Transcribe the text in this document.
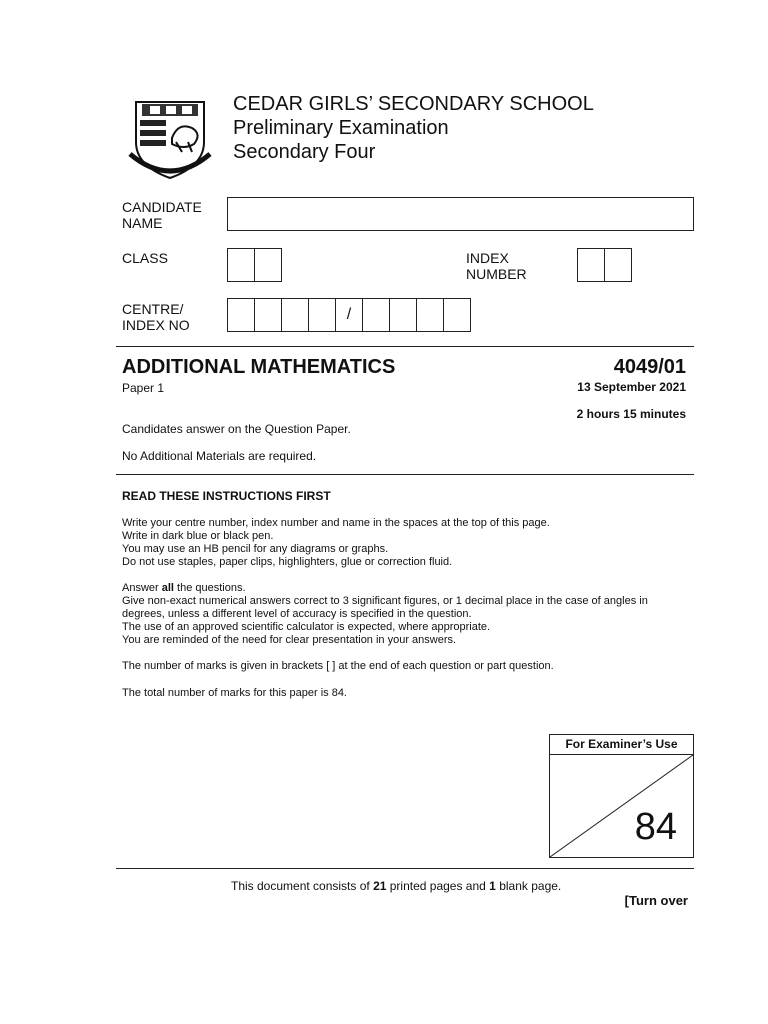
CEDAR GIRLS’ SECONDARY SCHOOL
Preliminary Examination
Secondary Four
CANDIDATE
NAME
CLASS	INDEX
NUMBER
CENTRE/
INDEX NO
/
ADDITIONAL MATHEMATICS	4049/01
Paper 1	13 September 2021
2 hours 15 minutes
Candidates answer on the Question Paper.
No Additional Materials are required.
READ THESE INSTRUCTIONS FIRST
Write your centre number, index number and name in the spaces at the top of this page.
Write in dark blue or black pen.
You may use an HB pencil for any diagrams or graphs.
Do not use staples, paper clips, highlighters, glue or correction fluid.
Answer all the questions.
Give non-exact numerical answers correct to 3 significant figures, or 1 decimal place in the case of angles in
degrees, unless a different level of accuracy is specified in the question.
The use of an approved scientific calculator is expected, where appropriate.
You are reminded of the need for clear presentation in your answers.
The number of marks is given in brackets [ ] at the end of each question or part question.
The total number of marks for this paper is 84.
For Examiner’s Use
84
This document consists of 21 printed pages and 1 blank page.
[Turn over
